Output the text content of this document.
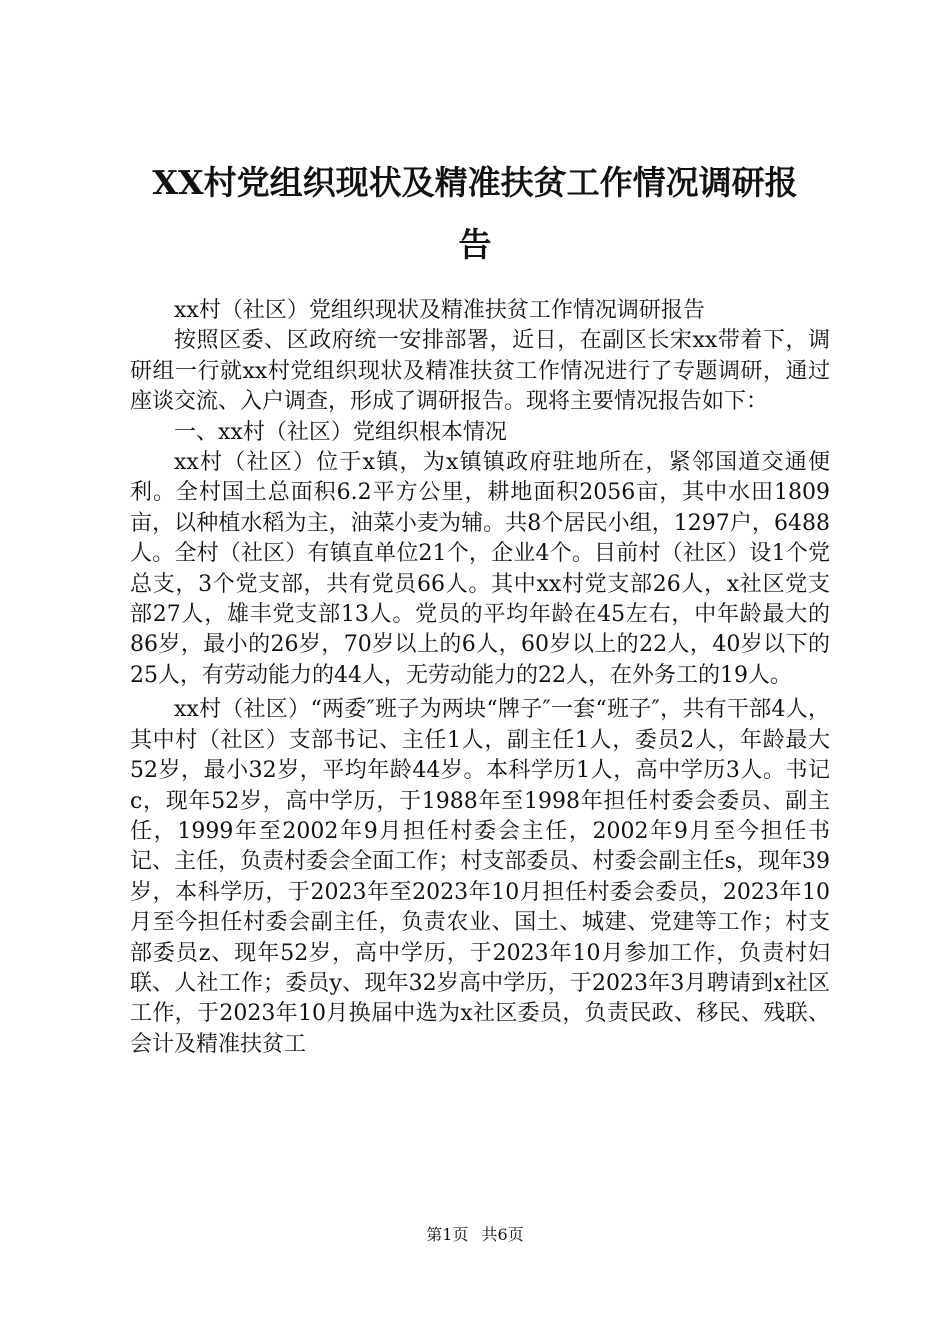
XX村党组织现状及精准扶贫工作情况调研报
告

xx村（社区）党组织现状及精准扶贫工作情况调研报告

按照区委、区政府统一安排部署，近日，在副区长宋xx带着下，调研组一行就xx村党组织现状及精准扶贫工作情况进行了专题调研，通过座谈交流、入户调查，形成了调研报告。现将主要情况报告如下：

一、xx村（社区）党组织根本情况

xx村（社区）位于x镇，为x镇镇政府驻地所在，紧邻国道交通便利。全村国土总面积6.2平方公里，耕地面积2056亩，其中水田1809亩，以种植水稻为主，油菜小麦为辅。共8个居民小组，1297户，6488人。全村（社区）有镇直单位21个，企业4个。目前村（社区）设1个党总支，3个党支部，共有党员66人。其中xx村党支部26人，x社区党支部27人，雄丰党支部13人。党员的平均年龄在45左右，中年龄最大的86岁，最小的26岁，70岁以上的6人，60岁以上的22人，40岁以下的25人，有劳动能力的44人，无劳动能力的22人，在外务工的19人。

xx村（社区）“两委″班子为两块“牌子″一套“班子″，共有干部4人，其中村（社区）支部书记、主任1人，副主任1人，委员2人，年龄最大52岁，最小32岁，平均年龄44岁。本科学历1人，高中学历3人。书记c，现年52岁，高中学历，于1988年至1998年担任村委会委员、副主任，1999年至2002年9月担任村委会主任，2002年9月至今担任书记、主任，负责村委会全面工作；村支部委员、村委会副主任s，现年39岁，本科学历，于2023年至2023年10月担任村委会委员，2023年10月至今担任村委会副主任，负责农业、国土、城建、党建等工作；村支部委员z、现年52岁，高中学历，于2023年10月参加工作，负责村妇联、人社工作；委员y、现年32岁高中学历，于2023年3月聘请到x社区工作，于2023年10月换届中选为x社区委员，负责民政、移民、残联、会计及精准扶贫工

第1页 共6页
